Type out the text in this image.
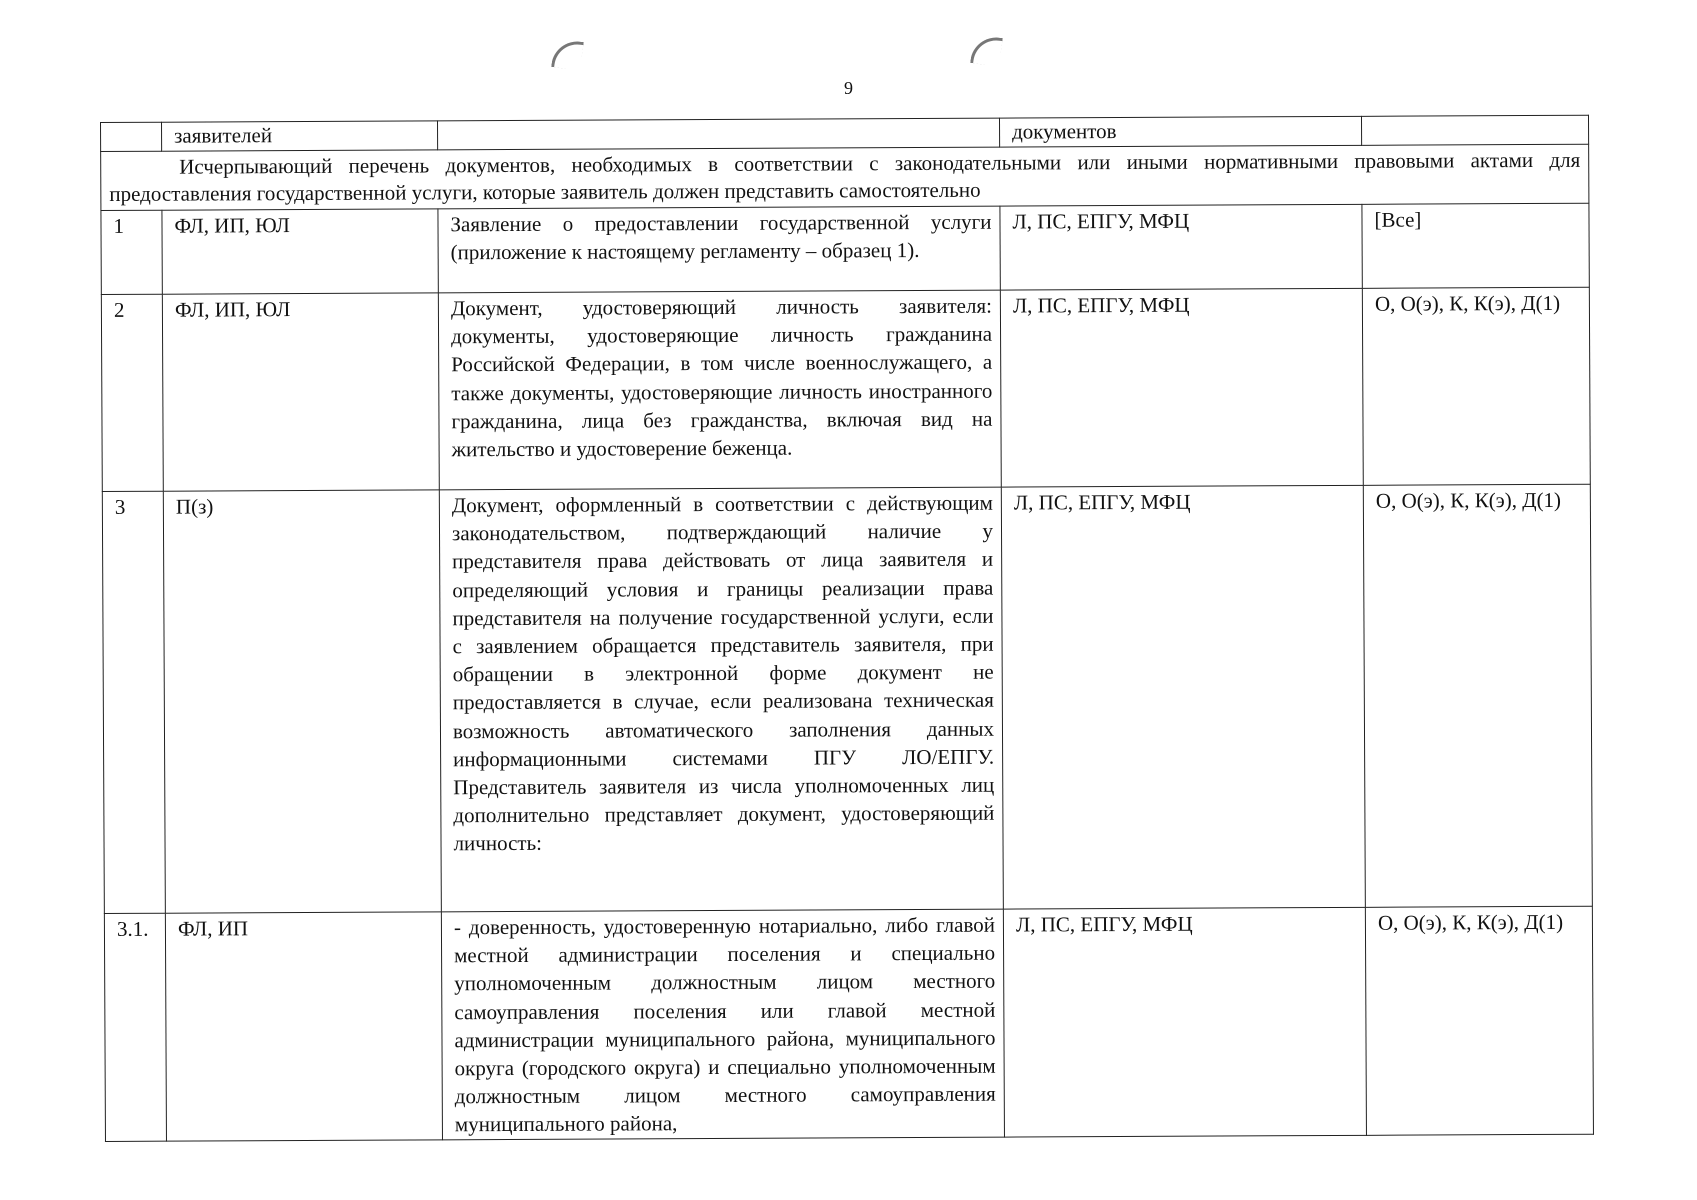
9
	заявителей		документов	
Исчерпывающий перечень документов, необходимых в соответствии с законодательными или иными нормативными правовыми актами для предоставления государственной услуги, которые заявитель должен представить самостоятельно				
1	ФЛ, ИП, ЮЛ	Заявление о предоставлении государственной услуги (приложение к настоящему регламенту – образец 1).	Л, ПС, ЕПГУ, МФЦ	[Все]
2	ФЛ, ИП, ЮЛ	Документ, удостоверяющий личность заявителя: документы, удостоверяющие личность гражданина Российской Федерации, в том числе военнослужащего, а также документы, удостоверяющие личность иностранного гражданина, лица без гражданства, включая вид на жительство и удостоверение беженца.	Л, ПС, ЕПГУ, МФЦ	О, О(э), К, К(э), Д(1)
3	П(з)	Документ, оформленный в соответствии с действующим законодательством, подтверждающий наличие у представителя права действовать от лица заявителя и определяющий условия и границы реализации права представителя на получение государственной услуги, если с заявлением обращается представитель заявителя, при обращении в электронной форме документ не предоставляется в случае, если реализована техническая возможность автоматического заполнения данных информационными системами ПГУ ЛО/ЕПГУ. Представитель заявителя из числа уполномоченных лиц дополнительно представляет документ, удостоверяющий личность:	Л, ПС, ЕПГУ, МФЦ	О, О(э), К, К(э), Д(1)
3.1.	ФЛ, ИП	- доверенность, удостоверенную нотариально, либо главой местной администрации поселения и специально уполномоченным должностным лицом местного самоуправления поселения или главой местной администрации муниципального района, муниципального округа (городского округа) и специально уполномоченным должностным лицом местного самоуправления муниципального района,	Л, ПС, ЕПГУ, МФЦ	О, О(э), К, К(э), Д(1)
